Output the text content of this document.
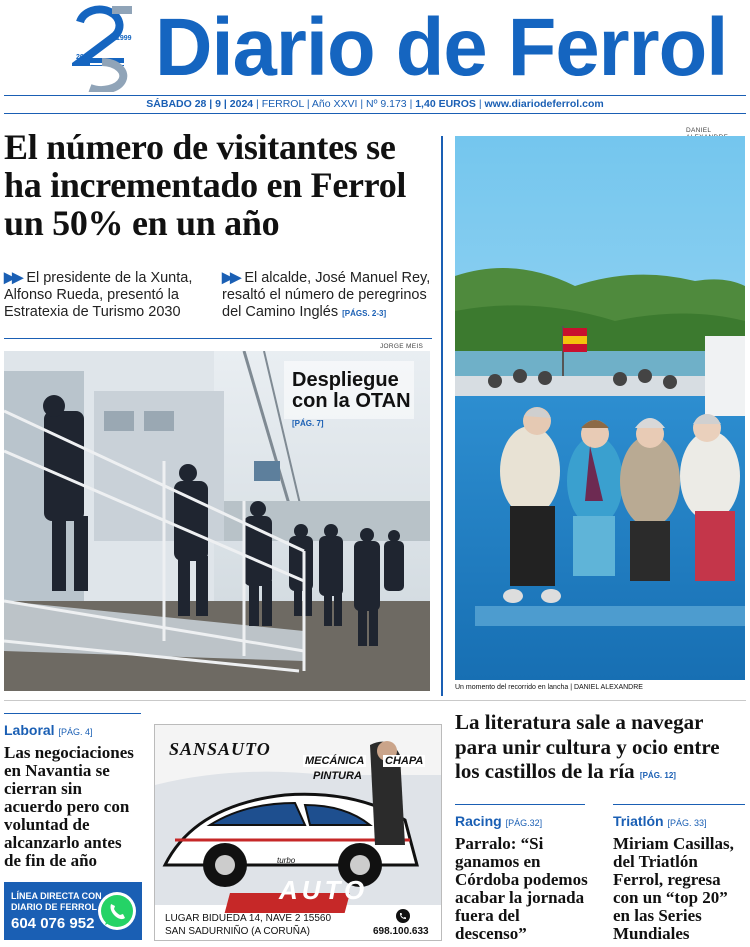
1999
2024 Diario de Ferrol
SÁBADO 28 | 9 | 2024 | FERROL | Año XXVI | Nº 9.173 | 1,40 EUROS | www.diariodeferrol.com
El número de visitantes se ha incrementado en Ferrol un 50% en un año
▶▶ El presidente de la Xunta, Alfonso Rueda, presentó la Estratexia de Turismo 2030
▶▶ El alcalde, José Manuel Rey, resaltó el número de peregrinos del Camino Inglés [PÁGS. 2-3]
JORGE MEIS
Despliegue con la OTAN
[PÁG. 7]
DANIEL
Un momento del recorrido en lancha | DANIEL ALEXANDRE
Laboral [PÁG. 4]
Las negociaciones en Navantia se cierran sin acuerdo pero con voluntad de alcanzarlo antes de fin de año
LÍNEA DIRECTA CON
DIARIO DE FERROL
604 076 952
SANSAUTO
MECÁNICA
PINTURA
CHAPA
turbo
AUTO
LUGAR BIDUEDA 14, NAVE 2 15560
SAN SADURNIÑO (A CORUÑA)	698.100.633
La literatura sale a navegar para unir cultura y ocio entre los castillos de la ría [PÁG. 12]
Racing [PÁG.32]
Parralo: “Si ganamos en Córdoba podemos acabar la jornada fuera del descenso”
Triatlón [PÁG. 33]
Miriam Casillas, del Triatlón Ferrol, regresa con un “top 20” en las Series Mundiales
